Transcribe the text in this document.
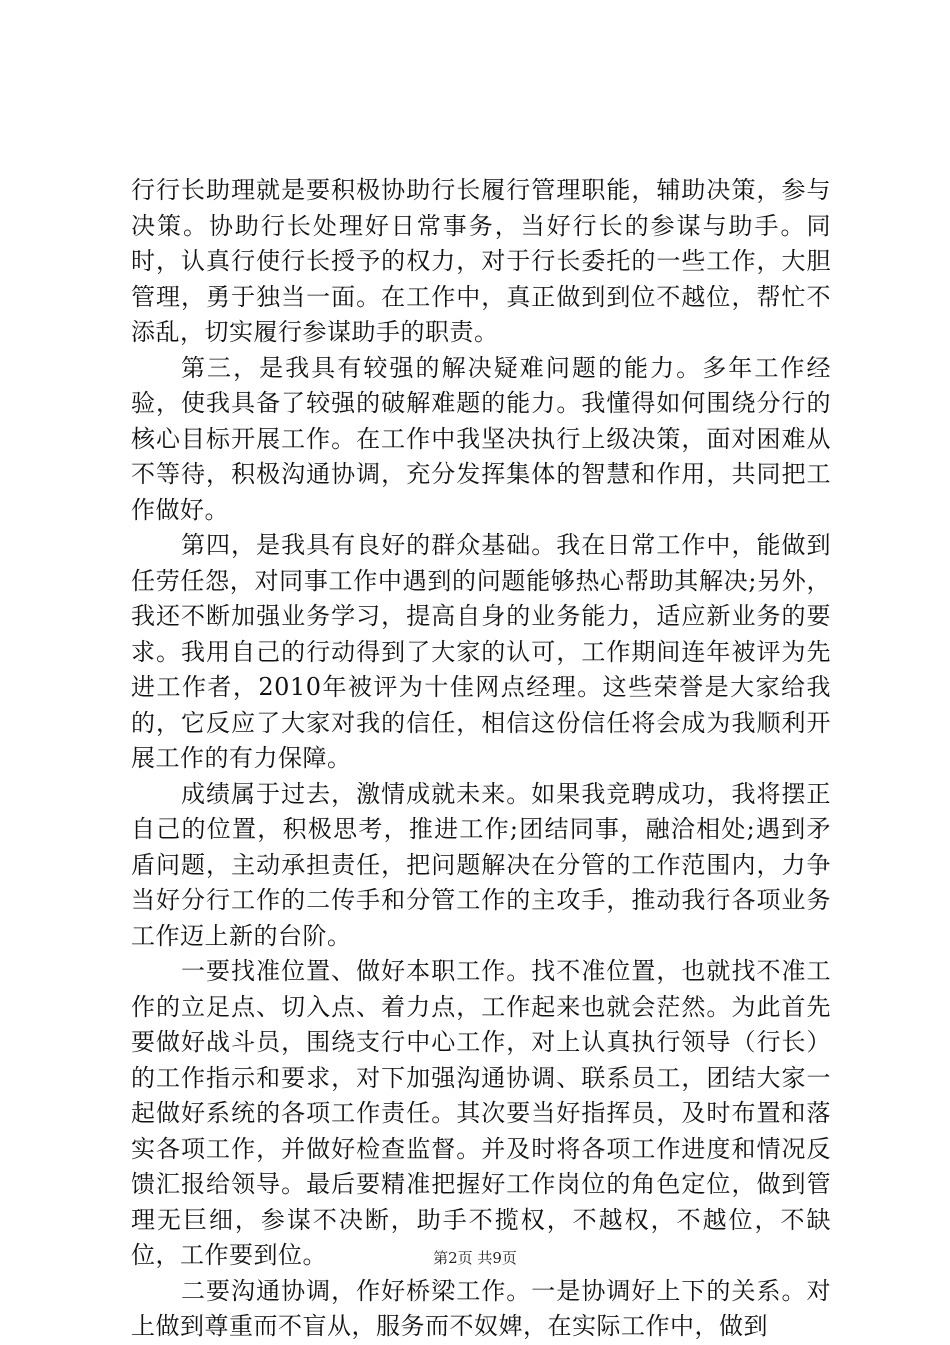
行行长助理就是要积极协助行长履行管理职能，辅助决策，参与决策。协助行长处理好日常事务，当好行长的参谋与助手。同时，认真行使行长授予的权力，对于行长委托的一些工作，大胆管理，勇于独当一面。在工作中，真正做到到位不越位，帮忙不添乱，切实履行参谋助手的职责。

第三，是我具有较强的解决疑难问题的能力。多年工作经验，使我具备了较强的破解难题的能力。我懂得如何围绕分行的核心目标开展工作。在工作中我坚决执行上级决策，面对困难从不等待，积极沟通协调，充分发挥集体的智慧和作用，共同把工作做好。

第四，是我具有良好的群众基础。我在日常工作中，能做到任劳任怨，对同事工作中遇到的问题能够热心帮助其解决;另外，我还不断加强业务学习，提高自身的业务能力，适应新业务的要求。我用自己的行动得到了大家的认可，工作期间连年被评为先进工作者，2010年被评为十佳网点经理。这些荣誉是大家给我的，它反应了大家对我的信任，相信这份信任将会成为我顺利开展工作的有力保障。

成绩属于过去，激情成就未来。如果我竞聘成功，我将摆正自己的位置，积极思考，推进工作;团结同事，融洽相处;遇到矛盾问题，主动承担责任，把问题解决在分管的工作范围内，力争当好分行工作的二传手和分管工作的主攻手，推动我行各项业务工作迈上新的台阶。

一要找准位置、做好本职工作。找不准位置，也就找不准工作的立足点、切入点、着力点，工作起来也就会茫然。为此首先要做好战斗员，围绕支行中心工作，对上认真执行领导（行长）的工作指示和要求，对下加强沟通协调、联系员工，团结大家一起做好系统的各项工作责任。其次要当好指挥员，及时布置和落实各项工作，并做好检查监督。并及时将各项工作进度和情况反馈汇报给领导。最后要精准把握好工作岗位的角色定位，做到管理无巨细，参谋不决断，助手不揽权，不越权，不越位，不缺位，工作要到位。

二要沟通协调，作好桥梁工作。一是协调好上下的关系。对上做到尊重而不盲从，服务而不奴婢，在实际工作中，做到

第2页 共9页
